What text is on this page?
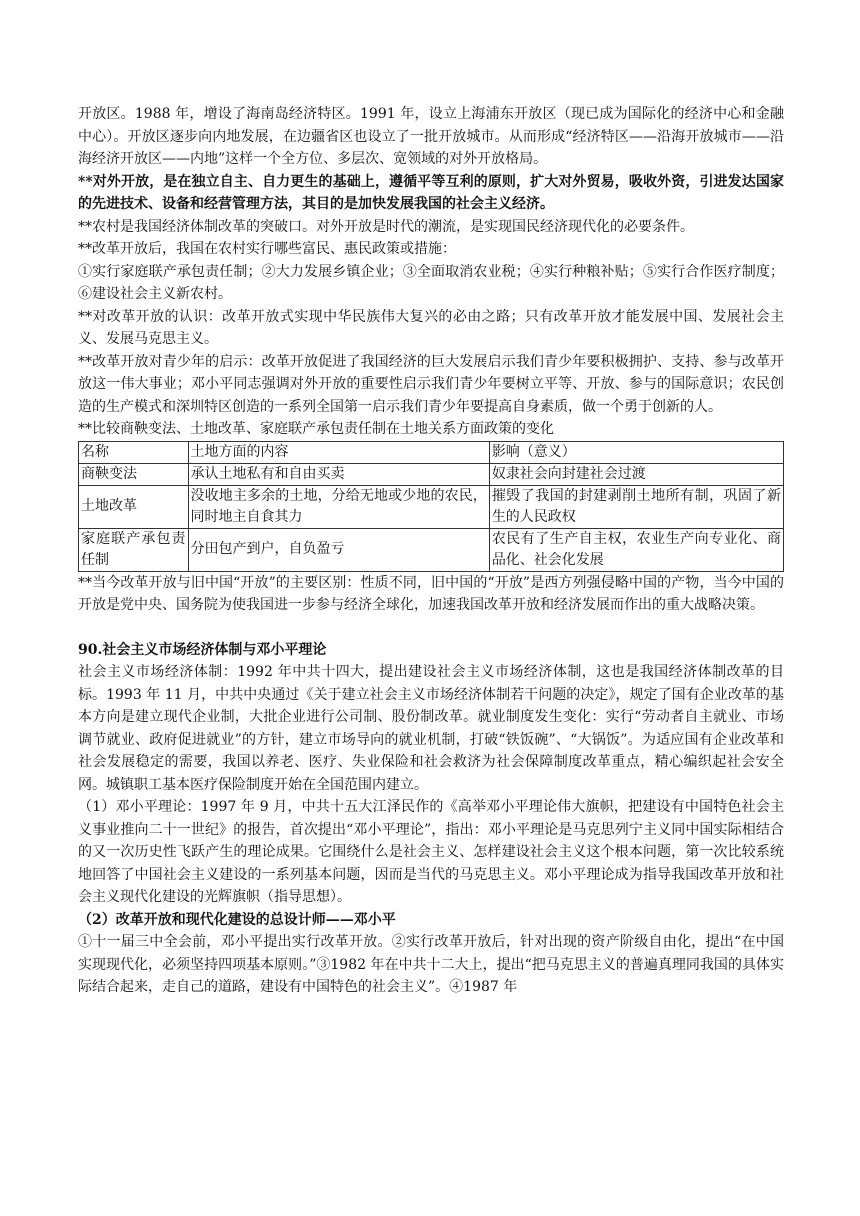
开放区。1988 年，增设了海南岛经济特区。1991 年，设立上海浦东开放区（现已成为国际化的经济中心和金融中心）。开放区逐步向内地发展，在边疆省区也设立了一批开放城市。从而形成“经济特区——沿海开放城市——沿海经济开放区——内地”这样一个全方位、多层次、宽领域的对外开放格局。

**对外开放，是在独立自主、自力更生的基础上，遵循平等互利的原则，扩大对外贸易，吸收外资，引进发达国家的先进技术、设备和经营管理方法，其目的是加快发展我国的社会主义经济。

**农村是我国经济体制改革的突破口。对外开放是时代的潮流，是实现国民经济现代化的必要条件。

**改革开放后，我国在农村实行哪些富民、惠民政策或措施：

①实行家庭联产承包责任制；②大力发展乡镇企业；③全面取消农业税；④实行种粮补贴；⑤实行合作医疗制度；⑥建设社会主义新农村。

**对改革开放的认识：改革开放式实现中华民族伟大复兴的必由之路；只有改革开放才能发展中国、发展社会主义、发展马克思主义。

**改革开放对青少年的启示：改革开放促进了我国经济的巨大发展启示我们青少年要积极拥护、支持、参与改革开放这一伟大事业；邓小平同志强调对外开放的重要性启示我们青少年要树立平等、开放、参与的国际意识；农民创造的生产模式和深圳特区创造的一系列全国第一启示我们青少年要提高自身素质，做一个勇于创新的人。

**比较商鞅变法、土地改革、家庭联产承包责任制在土地关系方面政策的变化

名称	土地方面的内容	影响（意义）
商鞅变法	承认土地私有和自由买卖	奴隶社会向封建社会过渡
土地改革	没收地主多余的土地，分给无地或少地的农民，同时地主自食其力	摧毁了我国的封建剥削土地所有制，巩固了新生的人民政权
家庭联产承包责任制	分田包产到户，自负盈亏	农民有了生产自主权，农业生产向专业化、商品化、社会化发展

**当今改革开放与旧中国“开放”的主要区别：性质不同，旧中国的“开放”是西方列强侵略中国的产物，当今中国的开放是党中央、国务院为使我国进一步参与经济全球化，加速我国改革开放和经济发展而作出的重大战略决策。

90.社会主义市场经济体制与邓小平理论

社会主义市场经济体制：1992 年中共十四大，提出建设社会主义市场经济体制，这也是我国经济体制改革的目标。1993 年 11 月，中共中央通过《关于建立社会主义市场经济体制若干问题的决定》，规定了国有企业改革的基本方向是建立现代企业制，大批企业进行公司制、股份制改革。就业制度发生变化：实行“劳动者自主就业、市场调节就业、政府促进就业”的方针，建立市场导向的就业机制，打破“铁饭碗”、“大锅饭”。为适应国有企业改革和社会发展稳定的需要，我国以养老、医疗、失业保险和社会救济为社会保障制度改革重点，精心编织起社会安全网。城镇职工基本医疗保险制度开始在全国范围内建立。

（1）邓小平理论：1997 年 9 月，中共十五大江泽民作的《高举邓小平理论伟大旗帜，把建设有中国特色社会主义事业推向二十一世纪》的报告，首次提出“邓小平理论”，指出：邓小平理论是马克思列宁主义同中国实际相结合的又一次历史性飞跃产生的理论成果。它围绕什么是社会主义、怎样建设社会主义这个根本问题，第一次比较系统地回答了中国社会主义建设的一系列基本问题，因而是当代的马克思主义。邓小平理论成为指导我国改革开放和社会主义现代化建设的光辉旗帜（指导思想）。

（2）改革开放和现代化建设的总设计师——邓小平

①十一届三中全会前，邓小平提出实行改革开放。②实行改革开放后，针对出现的资产阶级自由化，提出“在中国实现现代化，必须坚持四项基本原则。”③1982 年在中共十二大上，提出“把马克思主义的普遍真理同我国的具体实际结合起来，走自己的道路，建设有中国特色的社会主义”。④1987 年
